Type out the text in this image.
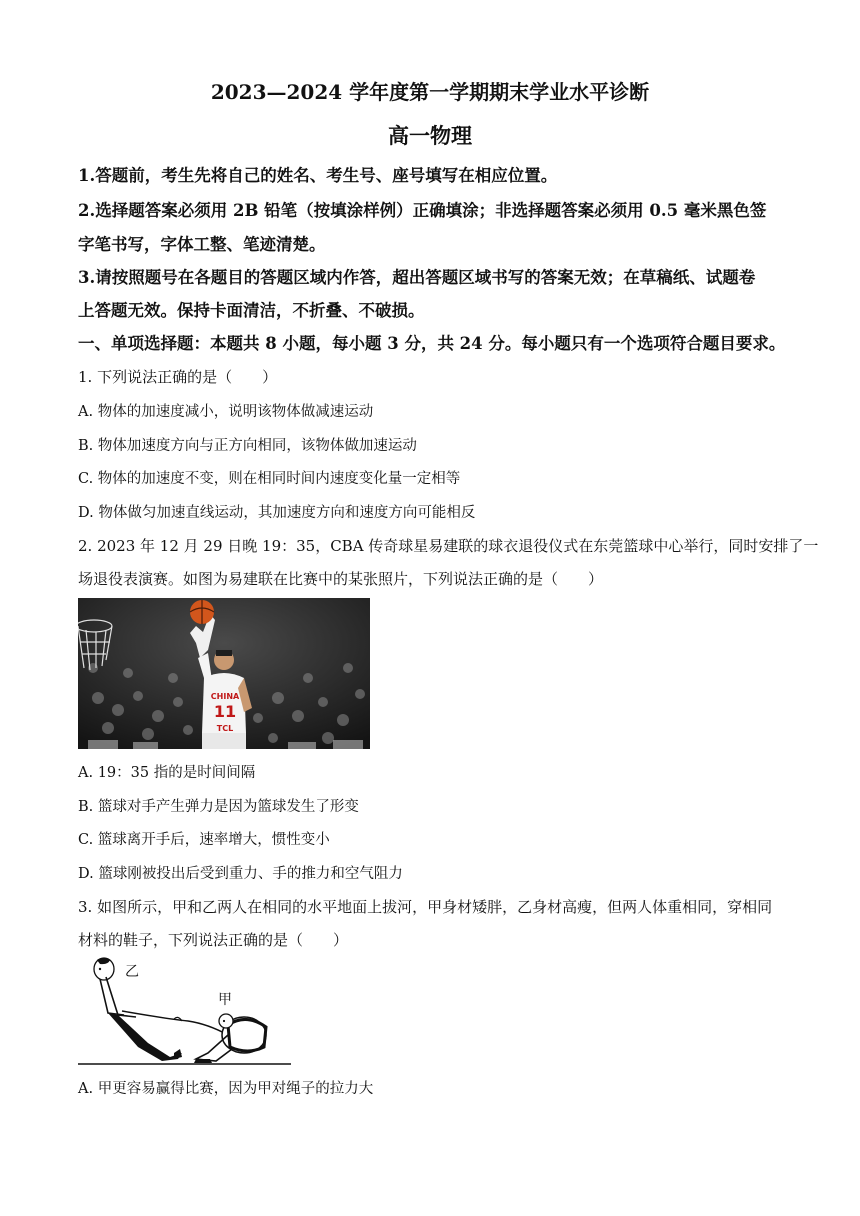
2023—2024 学年度第一学期期末学业水平诊断
高一物理
1.答题前，考生先将自己的姓名、考生号、座号填写在相应位置。
2.选择题答案必须用 2B 铅笔（按填涂样例）正确填涂；非选择题答案必须用 0.5 毫米黑色签
字笔书写，字体工整、笔迹清楚。
3.请按照题号在各题目的答题区域内作答，超出答题区域书写的答案无效；在草稿纸、试题卷
上答题无效。保持卡面清洁，不折叠、不破损。
一、单项选择题：本题共 8 小题，每小题 3 分，共 24 分。每小题只有一个选项符合题目要求。
1. 下列说法正确的是（　　）
A. 物体的加速度减小，说明该物体做减速运动
B. 物体加速度方向与正方向相同，该物体做加速运动
C. 物体的加速度不变，则在相同时间内速度变化量一定相等
D. 物体做匀加速直线运动，其加速度方向和速度方向可能相反
2. 2023 年 12 月 29 日晚 19：35，CBA 传奇球星易建联的球衣退役仪式在东莞篮球中心举行，同时安排了一
场退役表演赛。如图为易建联在比赛中的某张照片，下列说法正确的是（　　）
CHINA
11
TCL
A. 19：35 指的是时间间隔
B. 篮球对手产生弹力是因为篮球发生了形变
C. 篮球离开手后，速率增大，惯性变小
D. 篮球刚被投出后受到重力、手的推力和空气阻力
3. 如图所示，甲和乙两人在相同的水平地面上拔河，甲身材矮胖，乙身材高瘦，但两人体重相同，穿相同
材料的鞋子，下列说法正确的是（　　）
乙
甲
A. 甲更容易赢得比赛，因为甲对绳子的拉力大
